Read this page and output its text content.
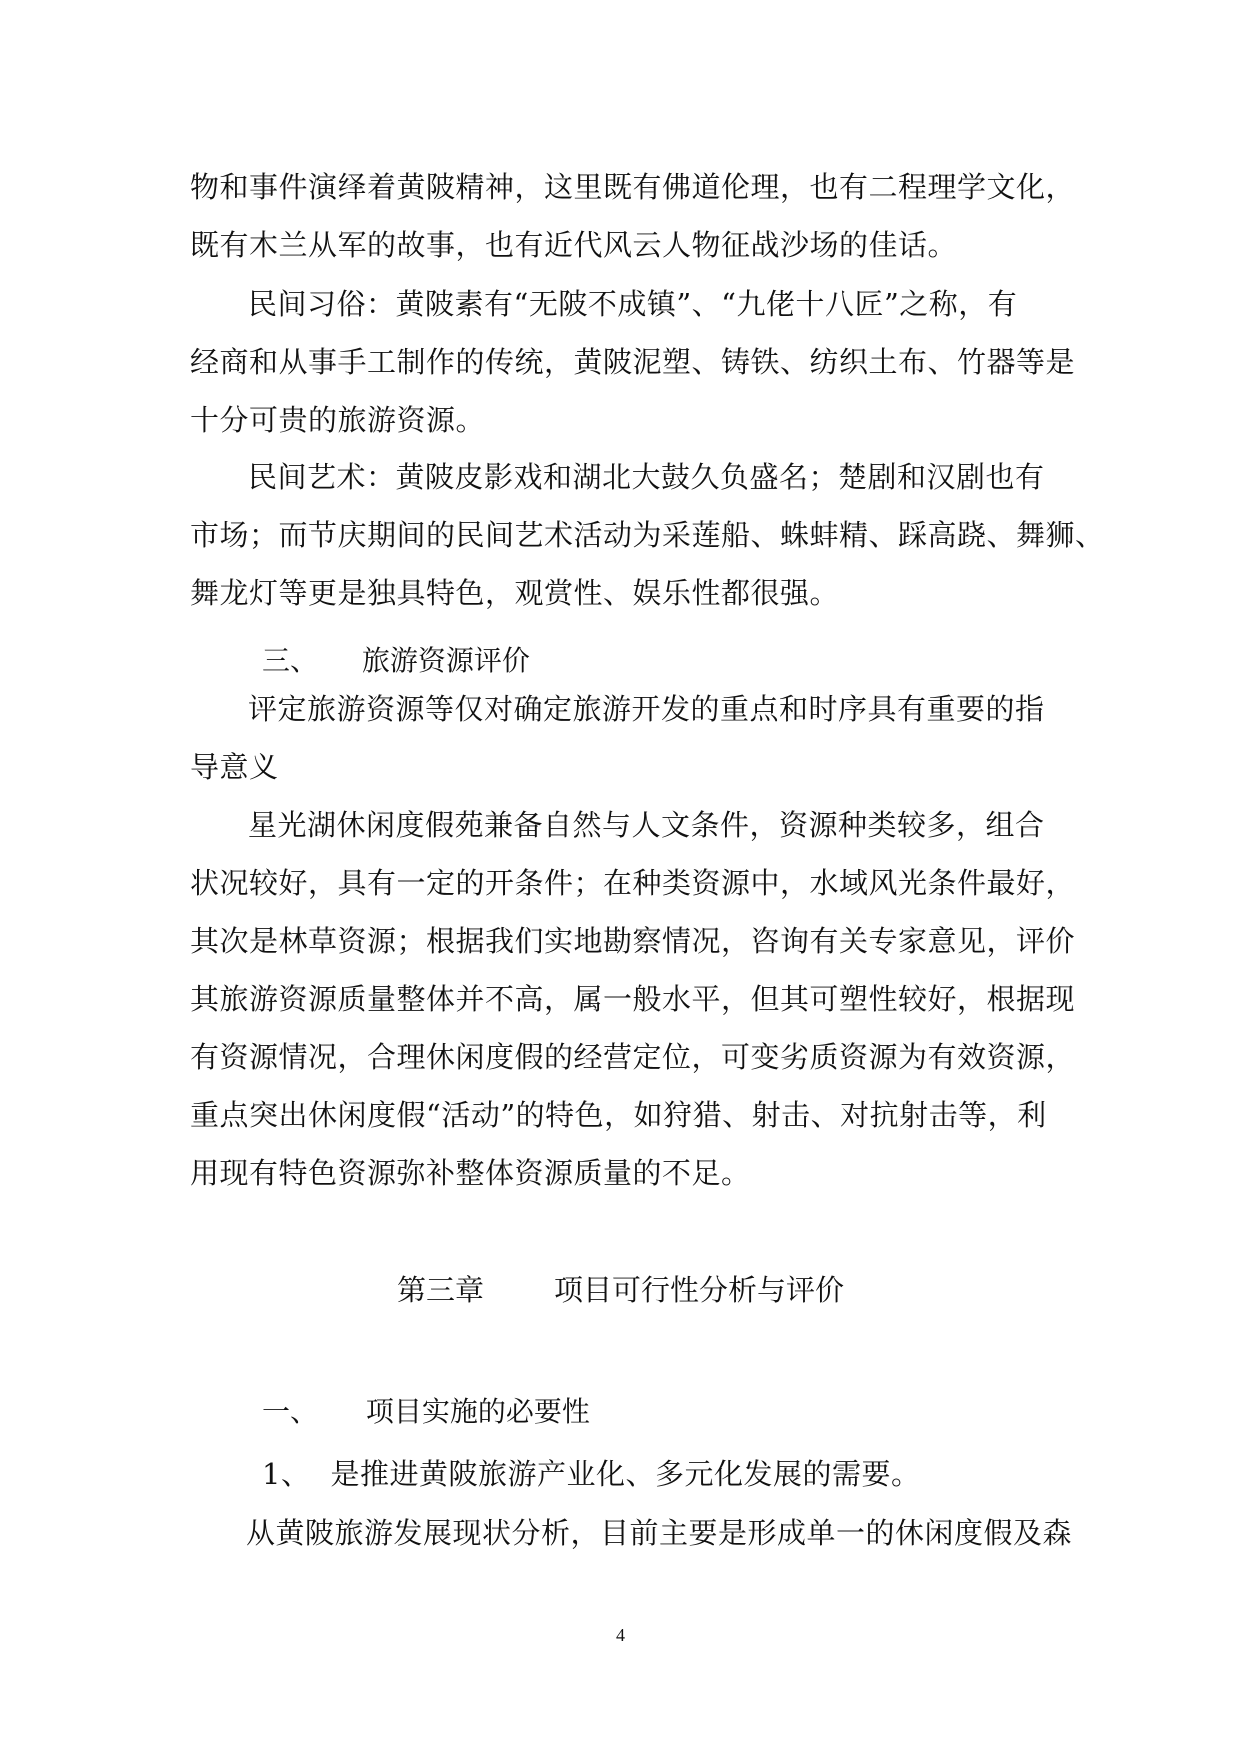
物和事件演绎着黄陂精神，这里既有佛道伦理，也有二程理学文化，
既有木兰从军的故事，也有近代风云人物征战沙场的佳话。
民间习俗：黄陂素有“无陂不成镇”、“九佬十八匠”之称，有
经商和从事手工制作的传统，黄陂泥塑、铸铁、纺织土布、竹器等是
十分可贵的旅游资源。
民间艺术：黄陂皮影戏和湖北大鼓久负盛名；楚剧和汉剧也有
市场；而节庆期间的民间艺术活动为采莲船、蛛蚌精、踩高跷、舞狮、
舞龙灯等更是独具特色，观赏性、娱乐性都很强。
三、 旅游资源评价
评定旅游资源等仅对确定旅游开发的重点和时序具有重要的指
导意义
星光湖休闲度假苑兼备自然与人文条件，资源种类较多，组合
状况较好，具有一定的开条件；在种类资源中，水域风光条件最好，
其次是林草资源；根据我们实地勘察情况，咨询有关专家意见，评价
其旅游资源质量整体并不高，属一般水平，但其可塑性较好，根据现
有资源情况，合理休闲度假的经营定位，可变劣质资源为有效资源，
重点突出休闲度假“活动”的特色，如狩猎、射击、对抗射击等，利
用现有特色资源弥补整体资源质量的不足。
第三章 项目可行性分析与评价
一、 项目实施的必要性
1、 是推进黄陂旅游产业化、多元化发展的需要。
从黄陂旅游发展现状分析，目前主要是形成单一的休闲度假及森
4
